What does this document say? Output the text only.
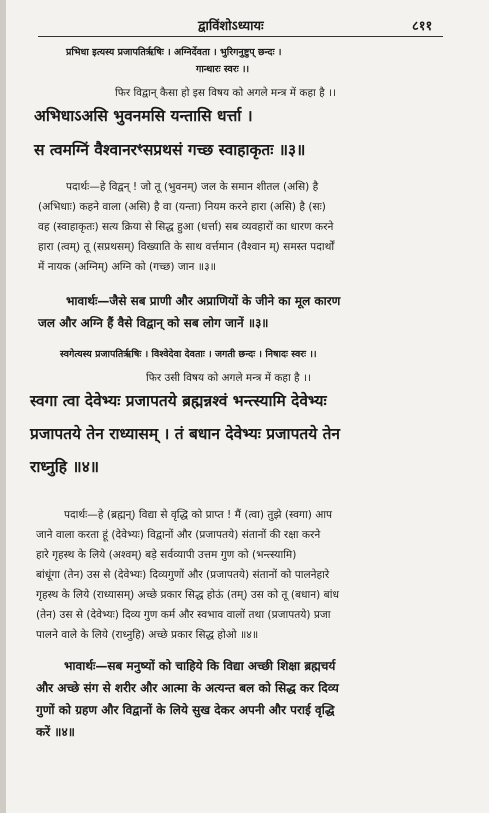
द्वाविंशोऽध्यायः	८११
प्रभिधा इत्यस्य प्रजापतिर्ऋषिः । अग्निर्देवता । भुरिगनुष्टुप् छन्दः ।
गान्धारः स्वरः ।।
फिर विद्वान् कैसा हो इस विषय को अगले मन्त्र में कहा है ।।
अभिधाऽअसि भुवनमसि यन्तासि धर्त्ता ।
स त्वमग्निं वैश्वानरꣳसप्रथसं गच्छ स्वाहाकृतः ॥३॥
पदार्थः—हे विद्वन् ! जो तू (भुवनम्) जल के समान शीतल (असि) है
(अभिधाः) कहने वाला (असि) है वा (यन्ता) नियम करने हारा (असि) है (सः)
वह (स्वाहाकृतः) सत्य क्रिया से सिद्ध हुआ (धर्त्ता) सब व्यवहारों का धारण करने
हारा (त्वम्) तू (सप्रथसम्) विख्याति के साथ वर्त्तमान (वैश्वान म्) समस्त पदार्थों
में नायक (अग्निम्) अग्नि को (गच्छ) जान ॥३॥
भावार्थः—जैसे सब प्राणी और अप्राणियों के जीने का मूल कारण
जल और अग्नि हैं वैसे विद्वान् को सब लोग जानें ॥३॥
स्वगेत्यस्य प्रजापतिर्ऋषिः । विश्वेदेवा देवताः । जगती छन्दः । निषादः स्वरः ।।
फिर उसी विषय को अगले मन्त्र में कहा है ।।
स्वगा त्वा देवेभ्यः प्रजापतये ब्रह्मन्नश्वं भन्त्स्यामि देवेभ्यः
प्रजापतये तेन राध्यासम् । तं बधान देवेभ्यः प्रजापतये तेन
राध्नुहि ॥४॥
पदार्थः—हे (ब्रह्मन्) विद्या से वृद्धि को प्राप्त ! मैं (त्वा) तुझे (स्वगा) आप
जाने वाला करता हूं (देवेभ्यः) विद्वानों और (प्रजापतये) संतानों की रक्षा करने
हारे गृहस्थ के लिये (अश्वम्) बड़े सर्वव्यापी उत्तम गुण को (भन्त्स्यामि)
बांधूंगा (तेन) उस से (देवेभ्यः) दिव्यगुणों और (प्रजापतये) संतानों को पालनेहारे
गृहस्थ के लिये (राध्यासम्) अच्छे प्रकार सिद्ध होऊं (तम्) उस को तू (बधान) बांध
(तेन) उस से (देवेभ्यः) दिव्य गुण कर्म और स्वभाव वालों तथा (प्रजापतये) प्रजा
पालने वाले के लिये (राध्नुहि) अच्छे प्रकार सिद्ध होओ ॥४॥
भावार्थः—सब मनुष्यों को चाहिये कि विद्या अच्छी शिक्षा ब्रह्मचर्य
और अच्छे संग से शरीर और आत्मा के अत्यन्त बल को सिद्ध कर दिव्य
गुणों को ग्रहण और विद्वानों के लिये सुख देकर अपनी और पराई वृद्धि
करें ॥४॥
